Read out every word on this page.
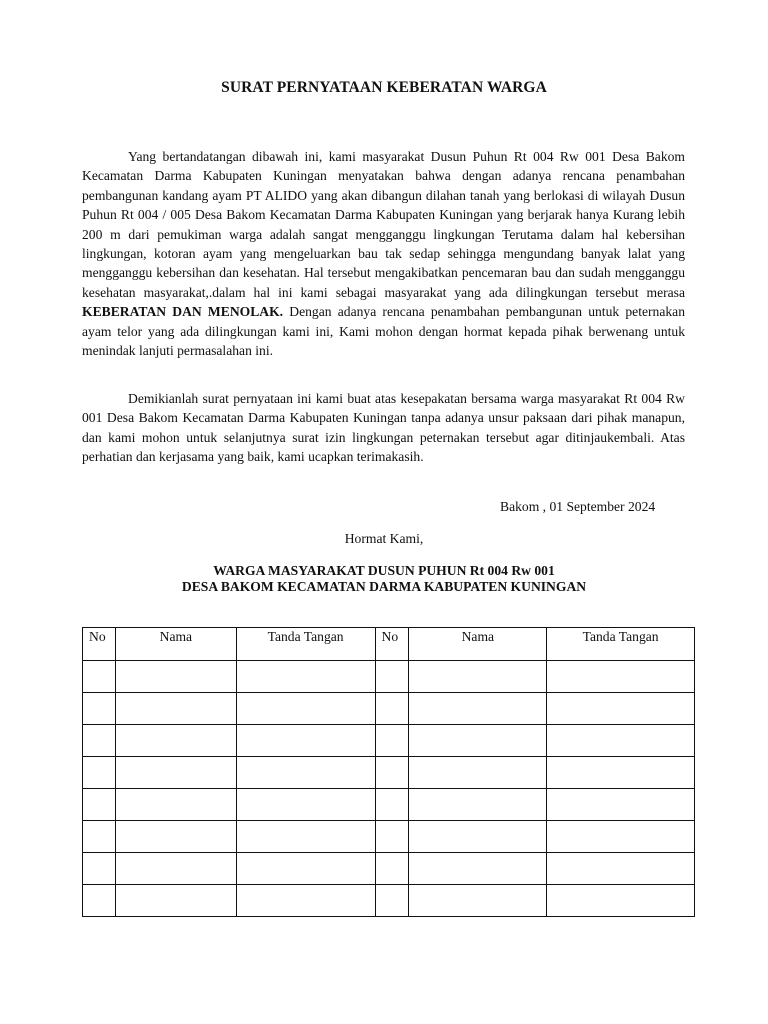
SURAT PERNYATAAN KEBERATAN WARGA

Yang bertandatangan dibawah ini, kami masyarakat Dusun Puhun Rt 004 Rw 001 Desa Bakom Kecamatan Darma Kabupaten Kuningan menyatakan bahwa dengan adanya rencana penambahan pembangunan kandang ayam PT ALIDO yang akan dibangun dilahan tanah yang berlokasi di wilayah Dusun Puhun Rt 004 / 005 Desa Bakom Kecamatan Darma Kabupaten Kuningan yang berjarak hanya Kurang lebih 200 m dari pemukiman warga adalah sangat mengganggu lingkungan Terutama dalam hal kebersihan lingkungan, kotoran ayam yang mengeluarkan bau tak sedap sehingga mengundang banyak lalat yang mengganggu kebersihan dan kesehatan. Hal tersebut mengakibatkan pencemaran bau dan sudah mengganggu kesehatan masyarakat,.dalam hal ini kami sebagai masyarakat yang ada dilingkungan tersebut merasa KEBERATAN DAN MENOLAK. Dengan adanya rencana penambahan pembangunan untuk peternakan ayam telor yang ada dilingkungan kami ini, Kami mohon dengan hormat kepada pihak berwenang untuk menindak lanjuti permasalahan ini.

Demikianlah surat pernyataan ini kami buat atas kesepakatan bersama warga masyarakat Rt 004 Rw 001 Desa Bakom Kecamatan Darma Kabupaten Kuningan tanpa adanya unsur paksaan dari pihak manapun, dan kami mohon untuk selanjutnya surat izin lingkungan peternakan tersebut agar ditinjaukembali. Atas perhatian dan kerjasama yang baik, kami ucapkan terimakasih.

Bakom , 01 September 2024
Hormat Kami,
WARGA MASYARAKAT DUSUN PUHUN Rt 004 Rw 001
DESA BAKOM KECAMATAN DARMA KABUPATEN KUNINGAN
No	Nama	Tanda Tangan	No	Nama	Tanda Tangan
